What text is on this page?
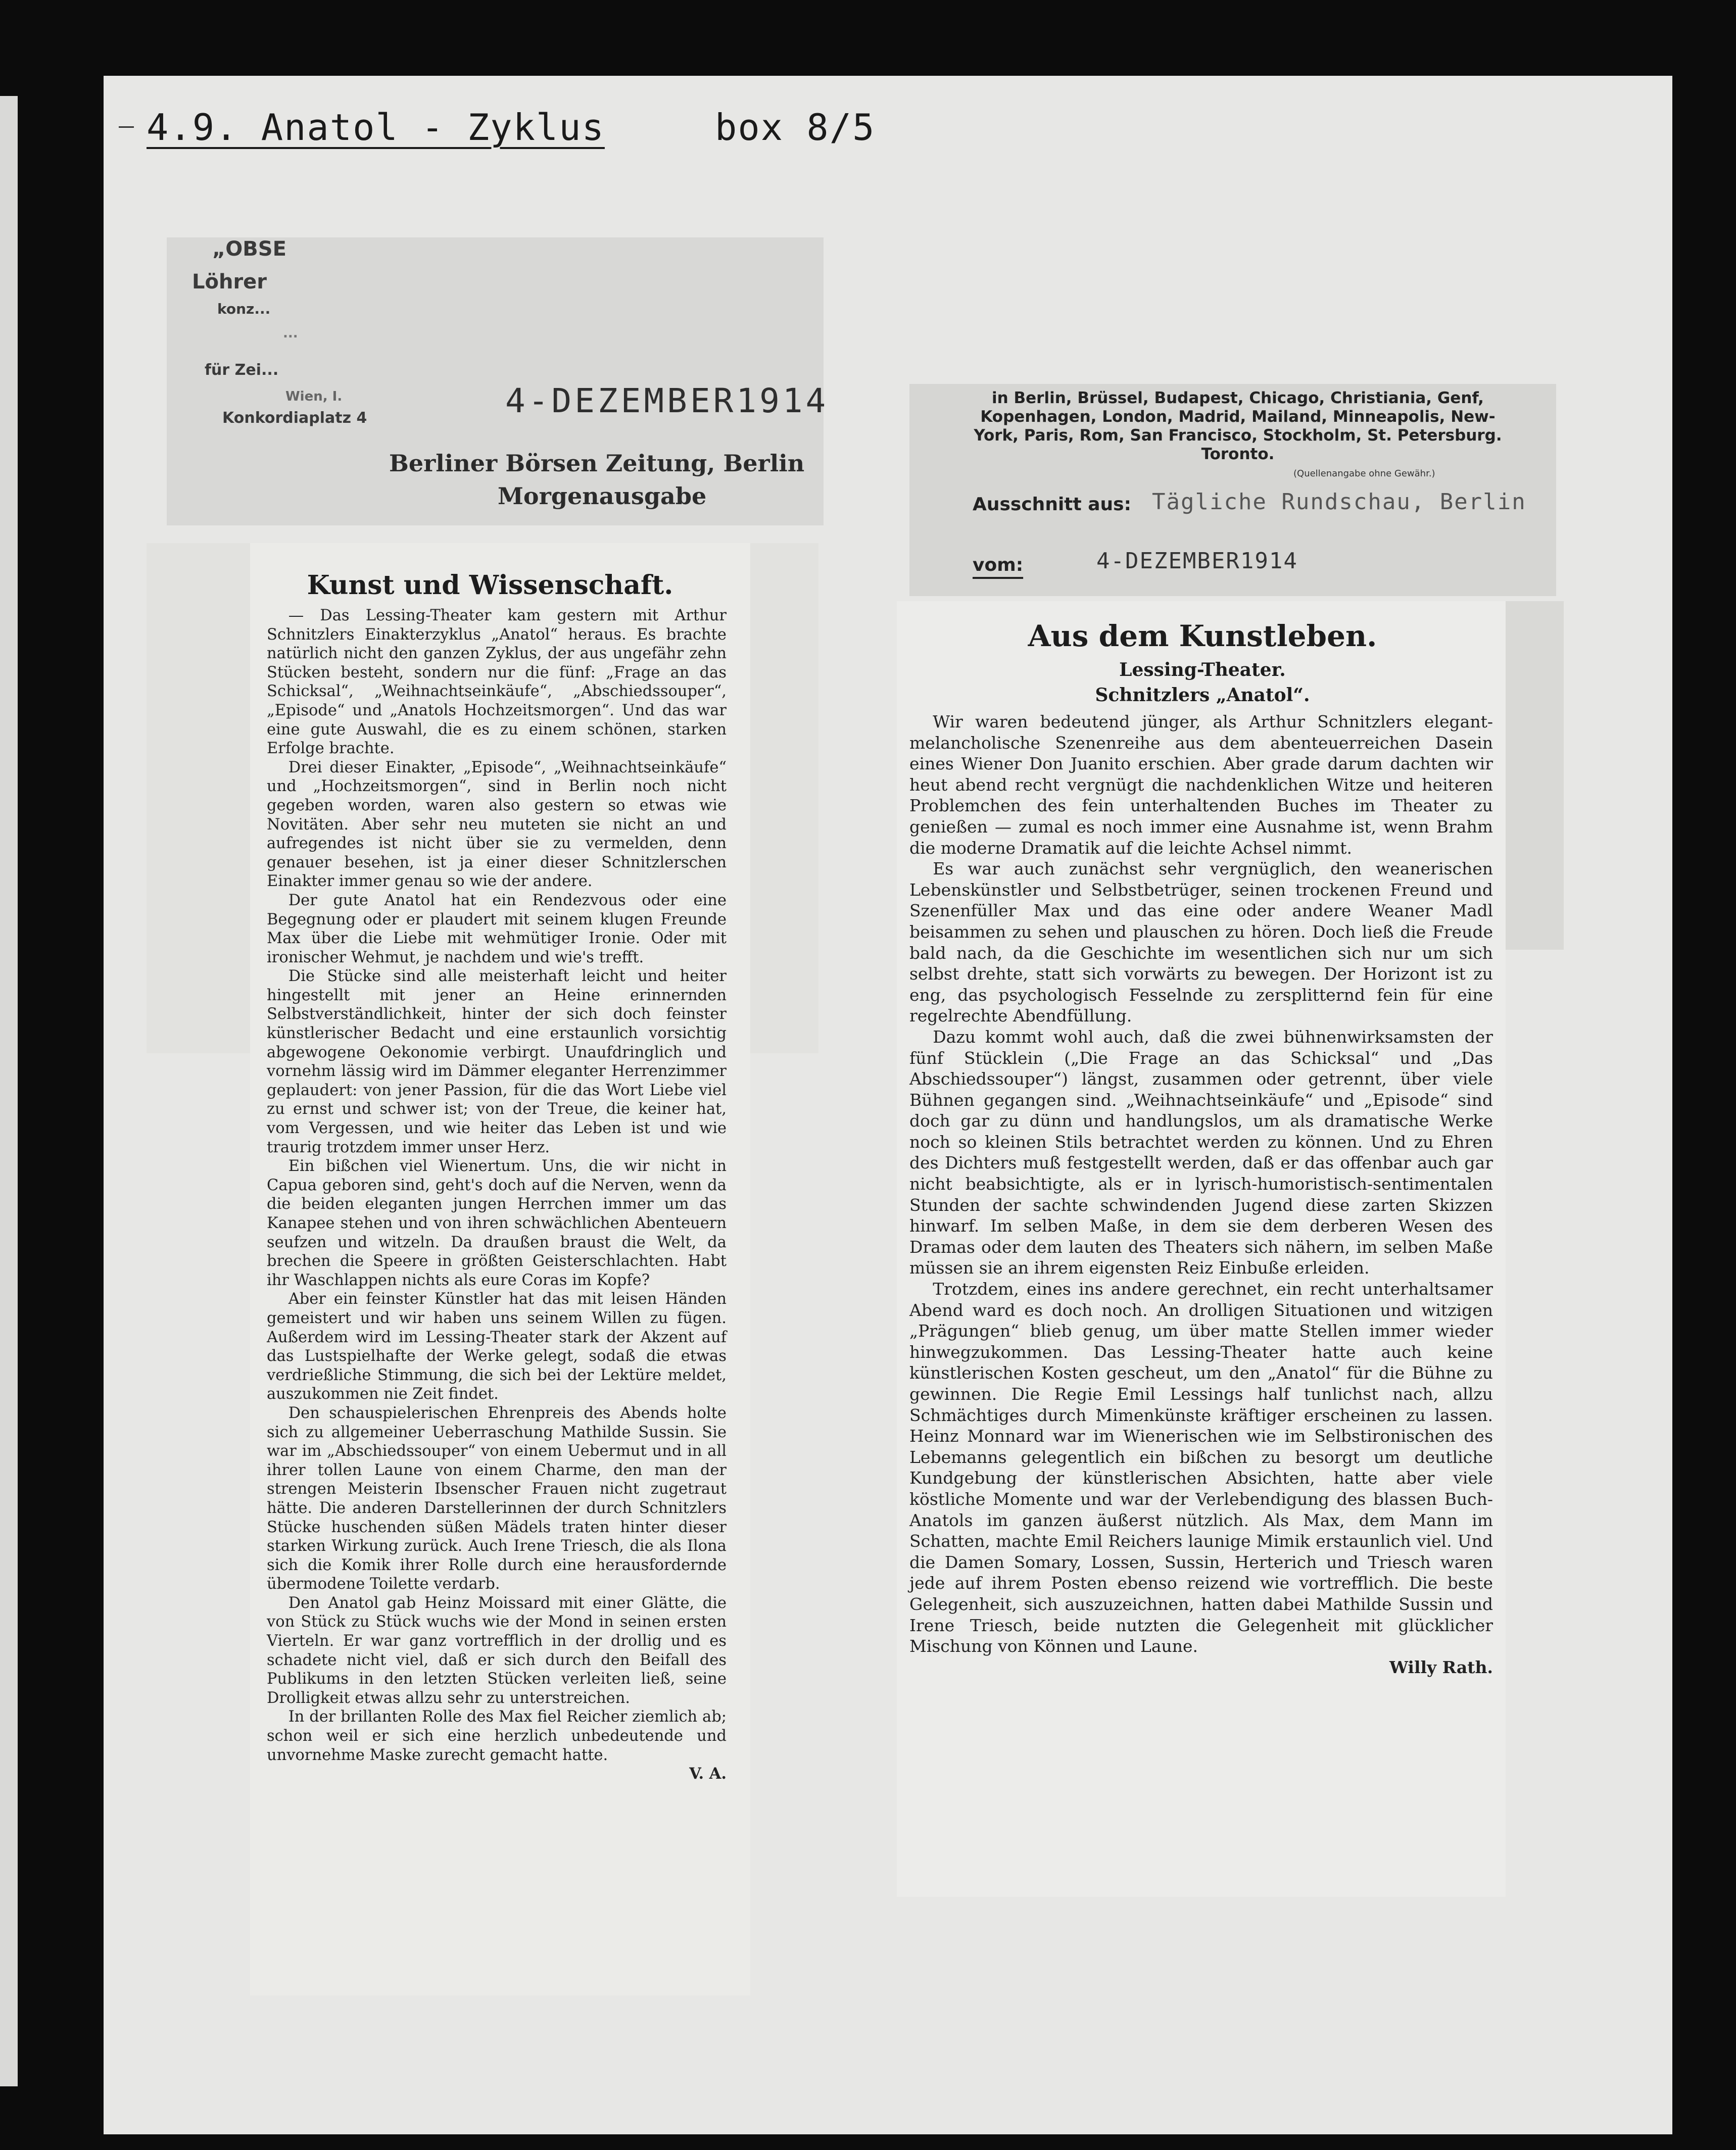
4.9. Anatol - Zyklus	box 8/5
„OBSE
Löhrer
konz...
...
für Zei...
Wien, I.
Konkordiaplatz 4	4-DEZEMBER1914
Berliner Börsen Zeitung, Berlin
Morgenausgabe
Kunst und Wissenschaft.

— Das Lessing-Theater kam gestern mit Arthur Schnitzlers Einakterzyklus „Anatol“ heraus. Es brachte natürlich nicht den ganzen Zyklus, der aus ungefähr zehn Stücken besteht, sondern nur die fünf: „Frage an das Schicksal“, „Weihnachtseinkäufe“, „Abschiedssouper“, „Episode“ und „Anatols Hochzeitsmorgen“. Und das war eine gute Auswahl, die es zu einem schönen, starken Erfolge brachte.

Drei dieser Einakter, „Episode“, „Weihnachtseinkäufe“ und „Hochzeitsmorgen“, sind in Berlin noch nicht gegeben worden, waren also gestern so etwas wie Novitäten. Aber sehr neu muteten sie nicht an und aufregendes ist nicht über sie zu vermelden, denn genauer besehen, ist ja einer dieser Schnitzlerschen Einakter immer genau so wie der andere.

Der gute Anatol hat ein Rendezvous oder eine Begegnung oder er plaudert mit seinem klugen Freunde Max über die Liebe mit wehmütiger Ironie. Oder mit ironischer Wehmut, je nachdem und wie's trefft.

Die Stücke sind alle meisterhaft leicht und heiter hingestellt mit jener an Heine erinnernden Selbstverständlichkeit, hinter der sich doch feinster künstlerischer Bedacht und eine erstaunlich vorsichtig abgewogene Oekonomie verbirgt. Unaufdringlich und vornehm lässig wird im Dämmer eleganter Herrenzimmer geplaudert: von jener Passion, für die das Wort Liebe viel zu ernst und schwer ist; von der Treue, die keiner hat, vom Vergessen, und wie heiter das Leben ist und wie traurig trotzdem immer unser Herz.

Ein bißchen viel Wienertum. Uns, die wir nicht in Capua geboren sind, geht's doch auf die Nerven, wenn da die beiden eleganten jungen Herrchen immer um das Kanapee stehen und von ihren schwächlichen Abenteuern seufzen und witzeln. Da draußen braust die Welt, da brechen die Speere in größten Geisterschlachten. Habt ihr Waschlappen nichts als eure Coras im Kopfe?

Aber ein feinster Künstler hat das mit leisen Händen gemeistert und wir haben uns seinem Willen zu fügen. Außerdem wird im Lessing-Theater stark der Akzent auf das Lustspielhafte der Werke gelegt, sodaß die etwas verdrießliche Stimmung, die sich bei der Lektüre meldet, auszukommen nie Zeit findet.

Den schauspielerischen Ehrenpreis des Abends holte sich zu allgemeiner Ueberraschung Mathilde Sussin. Sie war im „Abschiedssouper“ von einem Uebermut und in all ihrer tollen Laune von einem Charme, den man der strengen Meisterin Ibsenscher Frauen nicht zugetraut hätte. Die anderen Darstellerinnen der durch Schnitzlers Stücke huschenden süßen Mädels traten hinter dieser starken Wirkung zurück. Auch Irene Triesch, die als Ilona sich die Komik ihrer Rolle durch eine herausfordernde übermodene Toilette verdarb.

Den Anatol gab Heinz Moissard mit einer Glätte, die von Stück zu Stück wuchs wie der Mond in seinen ersten Vierteln. Er war ganz vortrefflich in der drollig und es schadete nicht viel, daß er sich durch den Beifall des Publikums in den letzten Stücken verleiten ließ, seine Drolligkeit etwas allzu sehr zu unterstreichen.

In der brillanten Rolle des Max fiel Reicher ziemlich ab; schon weil er sich eine herzlich unbedeutende und unvornehme Maske zurecht gemacht hatte.

V. A.
in Berlin, Brüssel, Budapest, Chicago, Christiania, Genf, Kopenhagen, London, Madrid, Mailand, Minneapolis, New-York, Paris, Rom, San Francisco, Stockholm, St. Petersburg. Toronto.
(Quellenangabe ohne Gewähr.)
Ausschnitt aus: Tägliche Rundschau, Berlin
vom:	4-DEZEMBER1914
Aus dem Kunstleben.
Lessing-Theater.
Schnitzlers „Anatol“.

Wir waren bedeutend jünger, als Arthur Schnitzlers elegant-melancholische Szenenreihe aus dem abenteuerreichen Dasein eines Wiener Don Juanito erschien. Aber grade darum dachten wir heut abend recht vergnügt die nachdenklichen Witze und heiteren Problemchen des fein unterhaltenden Buches im Theater zu genießen — zumal es noch immer eine Ausnahme ist, wenn Brahm die moderne Dramatik auf die leichte Achsel nimmt.

Es war auch zunächst sehr vergnüglich, den weanerischen Lebenskünstler und Selbstbetrüger, seinen trockenen Freund und Szenenfüller Max und das eine oder andere Weaner Madl beisammen zu sehen und plauschen zu hören. Doch ließ die Freude bald nach, da die Geschichte im wesentlichen sich nur um sich selbst drehte, statt sich vorwärts zu bewegen. Der Horizont ist zu eng, das psychologisch Fesselnde zu zersplitternd fein für eine regelrechte Abendfüllung.

Dazu kommt wohl auch, daß die zwei bühnenwirksamsten der fünf Stücklein („Die Frage an das Schicksal“ und „Das Abschiedssouper“) längst, zusammen oder getrennt, über viele Bühnen gegangen sind. „Weihnachtseinkäufe“ und „Episode“ sind doch gar zu dünn und handlungslos, um als dramatische Werke noch so kleinen Stils betrachtet werden zu können. Und zu Ehren des Dichters muß festgestellt werden, daß er das offenbar auch gar nicht beabsichtigte, als er in lyrisch-humoristisch-sentimentalen Stunden der sachte schwindenden Jugend diese zarten Skizzen hinwarf. Im selben Maße, in dem sie dem derberen Wesen des Dramas oder dem lauten des Theaters sich nähern, im selben Maße müssen sie an ihrem eigensten Reiz Einbuße erleiden.

Trotzdem, eines ins andere gerechnet, ein recht unterhaltsamer Abend ward es doch noch. An drolligen Situationen und witzigen „Prägungen“ blieb genug, um über matte Stellen immer wieder hinwegzukommen. Das Lessing-Theater hatte auch keine künstlerischen Kosten gescheut, um den „Anatol“ für die Bühne zu gewinnen. Die Regie Emil Lessings half tunlichst nach, allzu Schmächtiges durch Mimenkünste kräftiger erscheinen zu lassen. Heinz Monnard war im Wienerischen wie im Selbstironischen des Lebemanns gelegentlich ein bißchen zu besorgt um deutliche Kundgebung der künstlerischen Absichten, hatte aber viele köstliche Momente und war der Verlebendigung des blassen Buch-Anatols im ganzen äußerst nützlich. Als Max, dem Mann im Schatten, machte Emil Reichers launige Mimik erstaunlich viel. Und die Damen Somary, Lossen, Sussin, Herterich und Triesch waren jede auf ihrem Posten ebenso reizend wie vortrefflich. Die beste Gelegenheit, sich auszuzeichnen, hatten dabei Mathilde Sussin und Irene Triesch, beide nutzten die Gelegenheit mit glücklicher Mischung von Können und Laune.

Willy Rath.
